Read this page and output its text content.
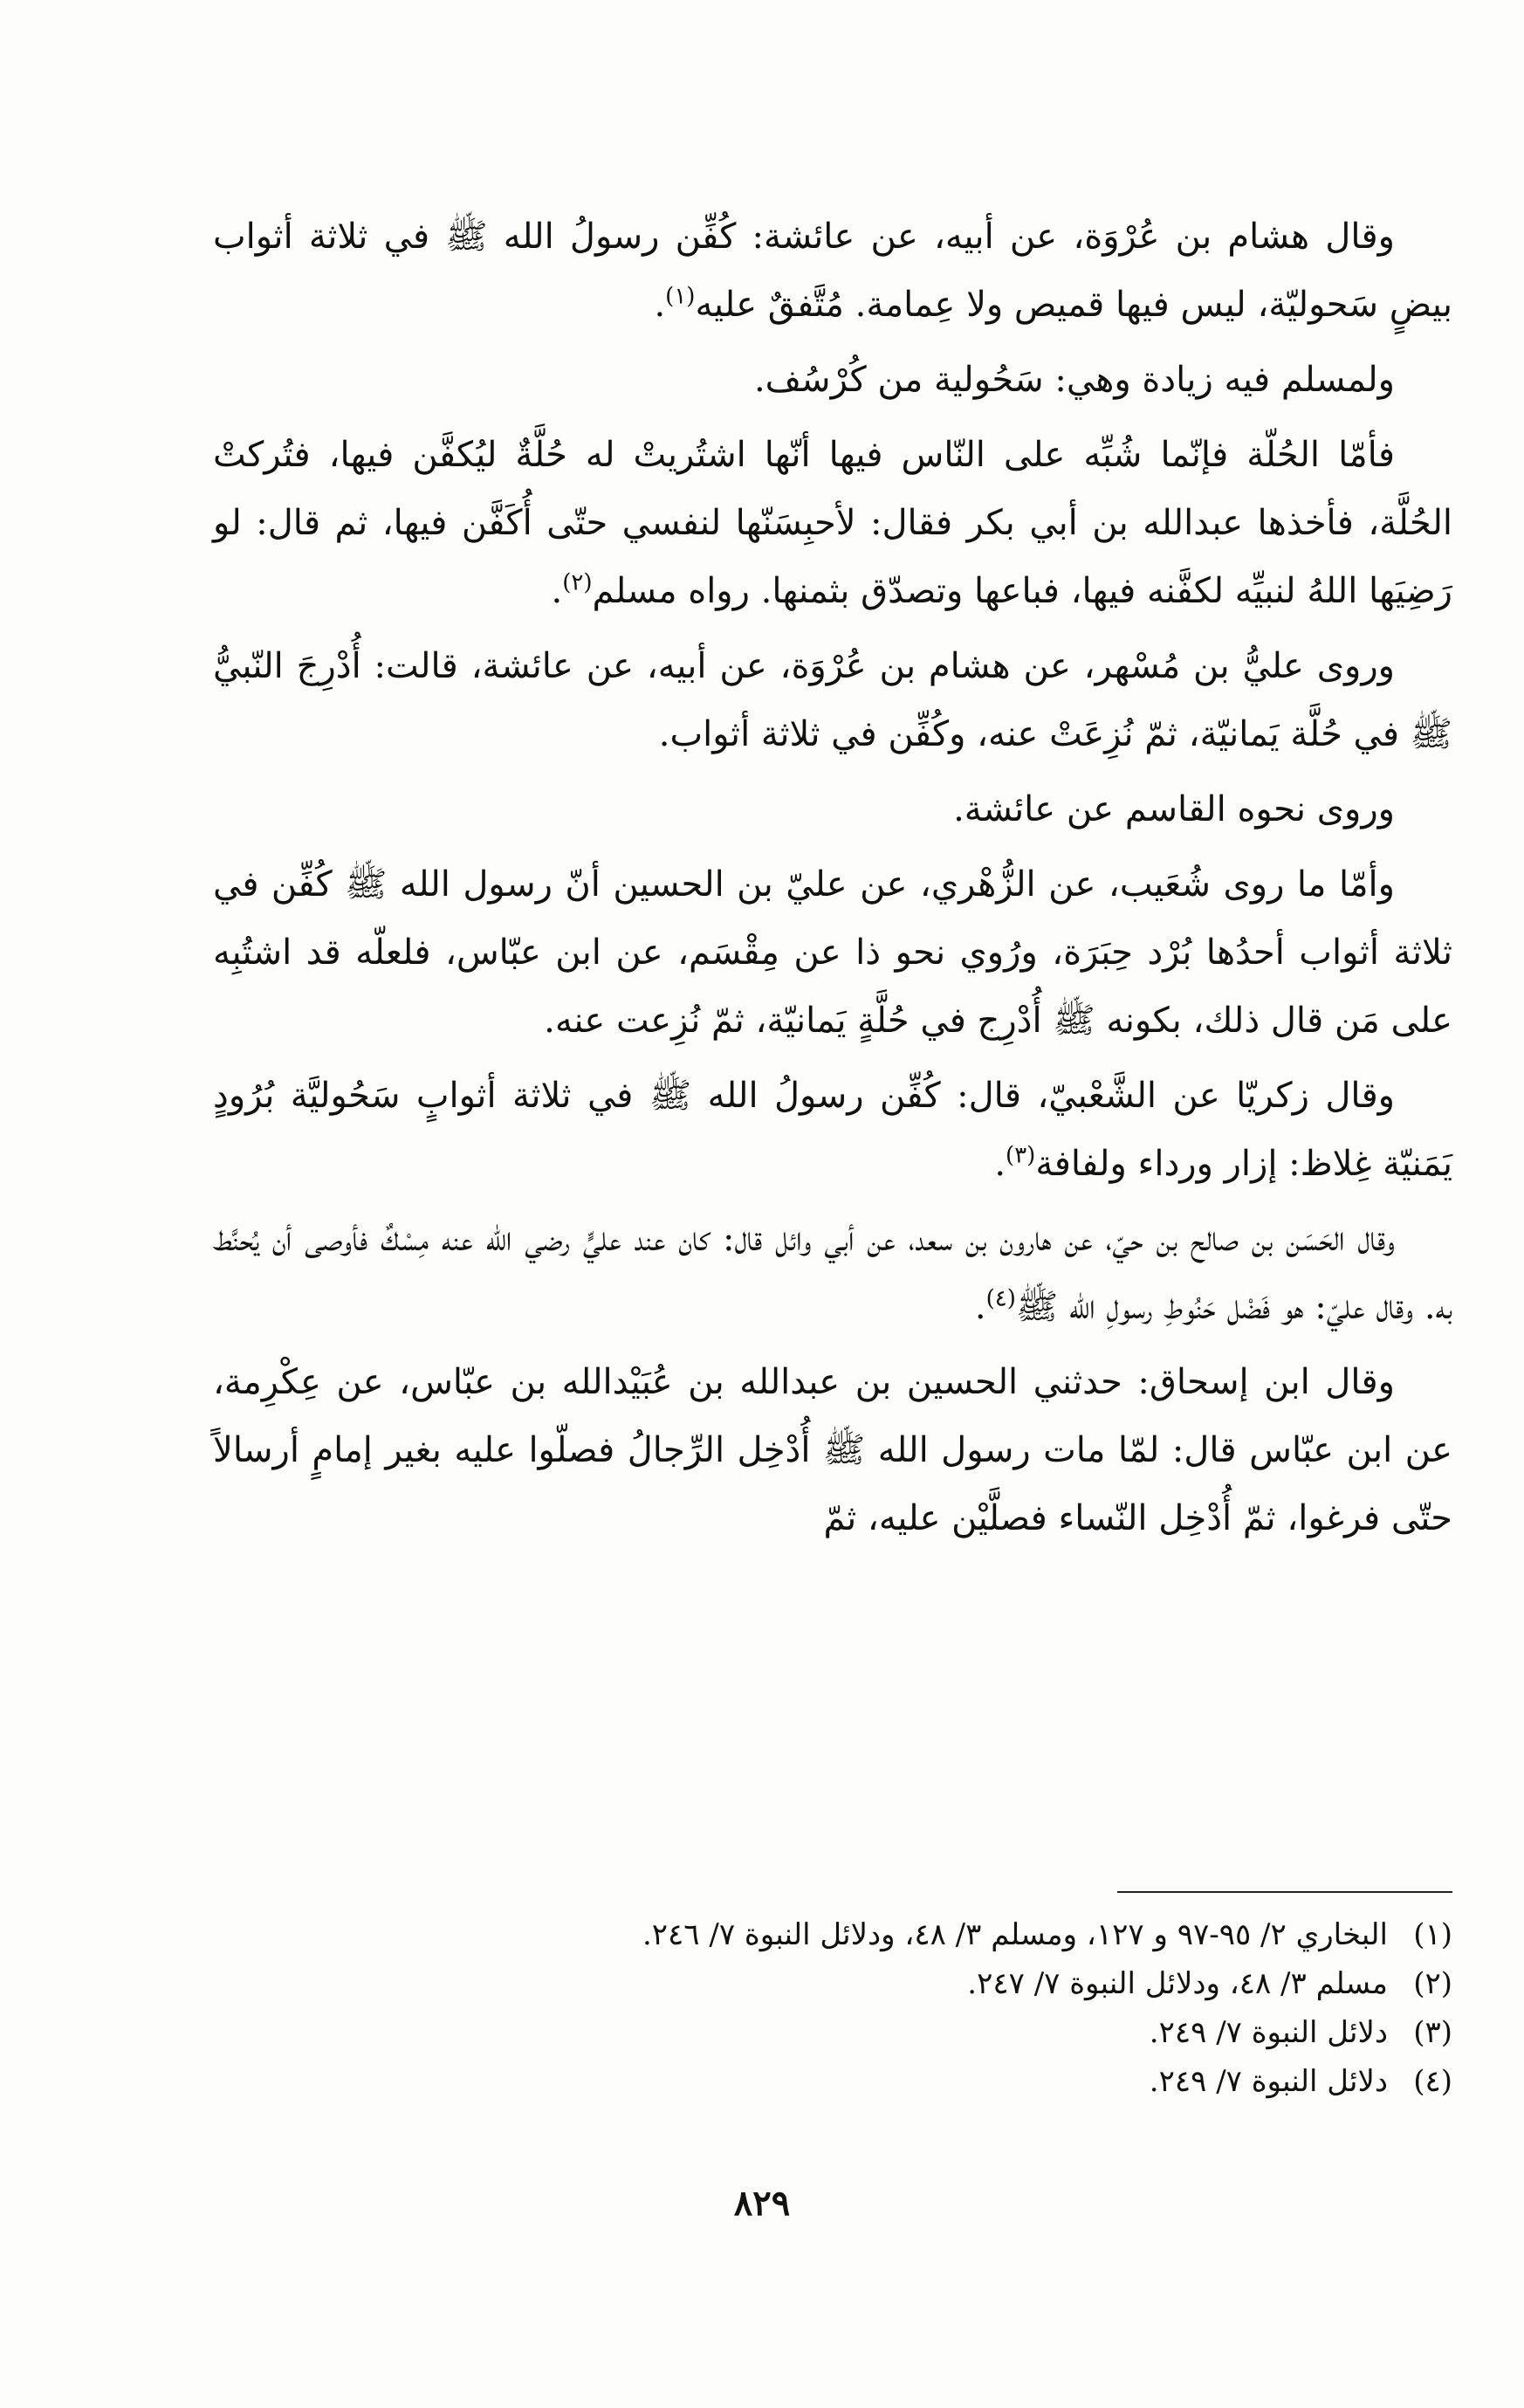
وقال هشام بن عُرْوَة، عن أبيه، عن عائشة: كُفِّن رسولُ الله ﷺ في ثلاثة أثواب بيضٍ سَحوليّة، ليس فيها قميص ولا عِمامة. مُتَّفقٌ عليه$^{(١)}$.

ولمسلم فيه زيادة وهي: سَحُولية من كُرْسُف.

فأمّا الحُلّة فإنّما شُبِّه على النّاس فيها أنّها اشتُريتْ له حُلَّةٌ ليُكفَّن فيها، فتُركتْ الحُلَّة، فأخذها عبدالله بن أبي بكر فقال: لأحبِسَنّها لنفسي حتّى أُكَفَّن فيها، ثم قال: لو رَضِيَها اللهُ لنبيِّه لكفَّنه فيها، فباعها وتصدّق بثمنها. رواه مسلم$^{(٢)}$.

وروى عليُّ بن مُسْهر، عن هشام بن عُرْوَة، عن أبيه، عن عائشة، قالت: أُدْرِجَ النّبيُّ ﷺ في حُلَّة يَمانيّة، ثمّ نُزِعَتْ عنه، وكُفِّن في ثلاثة أثواب.

وروى نحوه القاسم عن عائشة.

وأمّا ما روى شُعَيب، عن الزُّهْري، عن عليّ بن الحسين أنّ رسول الله ﷺ كُفِّن في ثلاثة أثواب أحدُها بُرْد حِبَرَة، ورُوي نحو ذا عن مِقْسَم، عن ابن عبّاس، فلعلّه قد اشتُبِه على مَن قال ذلك، بكونه ﷺ أُدْرِج في حُلَّةٍ يَمانيّة، ثمّ نُزِعت عنه.

وقال زكريّا عن الشَّعْبيّ، قال: كُفِّن رسولُ الله ﷺ في ثلاثة أثوابٍ سَحُوليَّة بُرُودٍ يَمَنيّة غِلاظ: إزار ورداء ولفافة$^{(٣)}$.

وقال الحَسَن بن صالح بن حيّ، عن هارون بن سعد، عن أبي وائل قال: كان عند عليٍّ رضي الله عنه مِسْكٌ فأوصى أن يُحنَّط به. وقال عليّ: هو فَضْل حَنُوطِ رسولِ الله ﷺ$^{(٤)}$.

وقال ابن إسحاق: حدثني الحسين بن عبدالله بن عُبَيْدالله بن عبّاس، عن عِكْرِمة، عن ابن عبّاس قال: لمّا مات رسول الله ﷺ أُدْخِل الرِّجالُ فصلّوا عليه بغير إمامٍ أرسالاً حتّى فرغوا، ثمّ أُدْخِل النّساء فصلَّيْن عليه، ثمّ

(١)
البخاري ٢/ ٩٥-٩٧ و ١٢٧، ومسلم ٣/ ٤٨، ودلائل النبوة ٧/ ٢٤٦.
(٢)
مسلم ٣/ ٤٨، ودلائل النبوة ٧/ ٢٤٧.
(٣)
دلائل النبوة ٧/ ٢٤٩.
(٤)
دلائل النبوة ٧/ ٢٤٩.
٨٢٩
